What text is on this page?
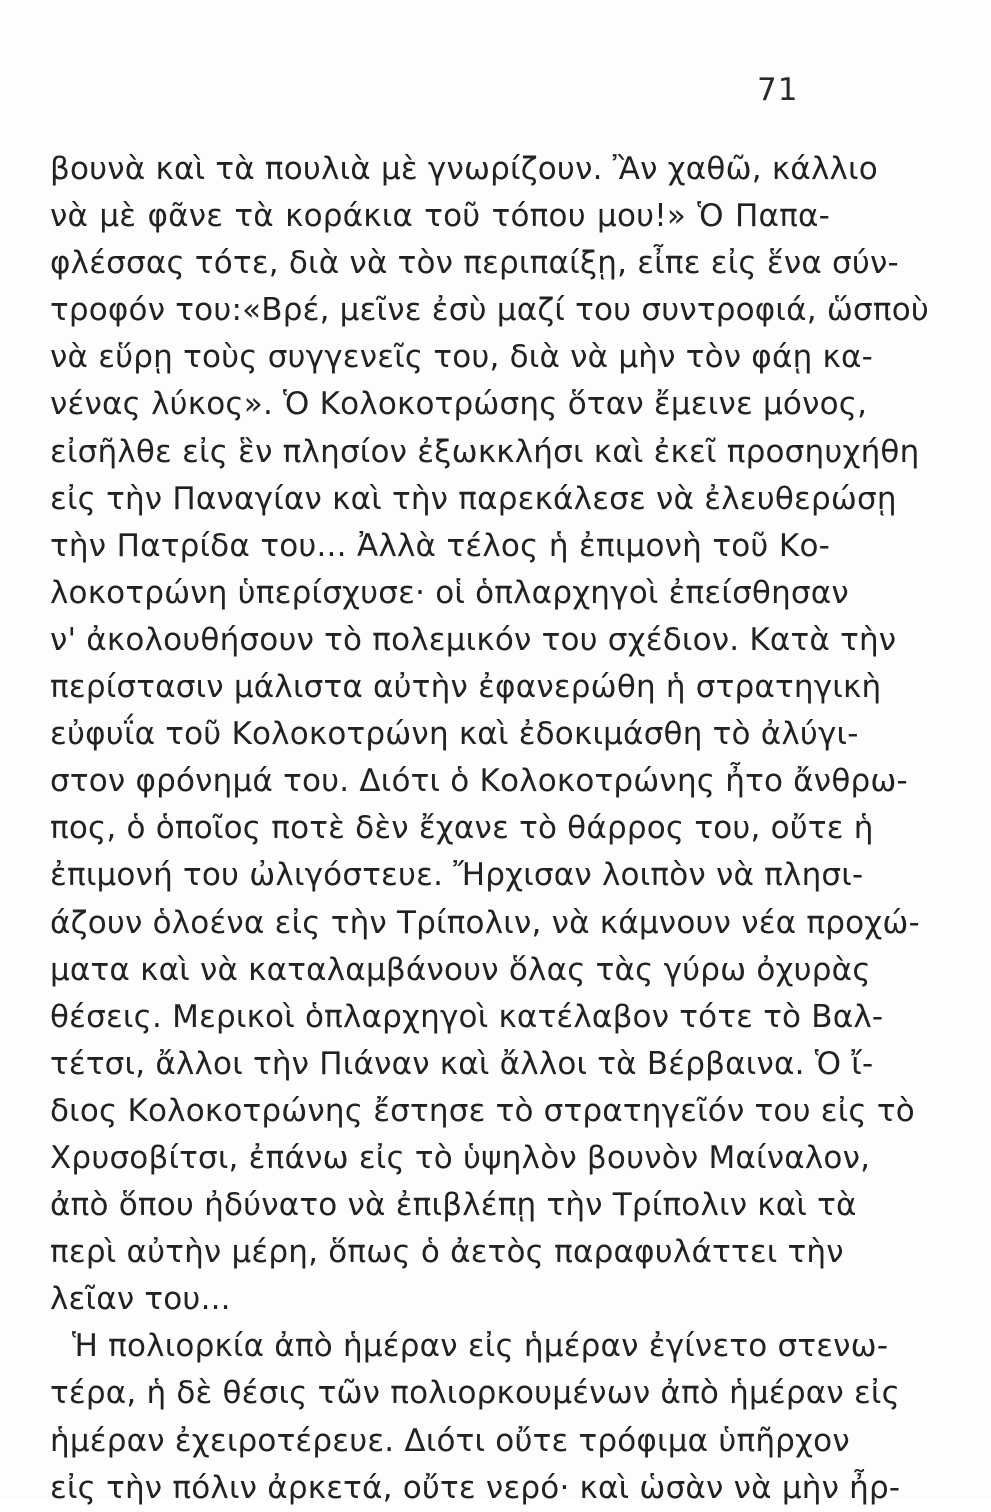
71
βουνὰ καὶ τὰ πουλιὰ μὲ γνωρίζουν. Ἂν χαθῶ, κάλλιο
νὰ μὲ φᾶνε τὰ κοράκια τοῦ τόπου μου!» Ὁ Παπα-
φλέσσας τότε, διὰ νὰ τὸν περιπαίξῃ, εἶπε εἰς ἕνα σύν-
τροφόν του:«Βρέ, μεῖνε ἐσὺ μαζί του συντροφιά, ὥσποὺ
νὰ εὕρῃ τοὺς συγγενεῖς του, διὰ νὰ μὴν τὸν φάῃ κα-
νένας λύκος». Ὁ Κολοκοτρώσης ὅταν ἔμεινε μόνος,
εἰσῆλθε εἰς ἓν πλησίον ἐξωκκλήσι καὶ ἐκεῖ προσηυχήθη
εἰς τὴν Παναγίαν καὶ τὴν παρεκάλεσε νὰ ἐλευθερώσῃ
τὴν Πατρίδα του... Ἀλλὰ τέλος ἡ ἐπιμονὴ τοῦ Κο-
λοκοτρώνη ὑπερίσχυσε· οἱ ὁπλαρχηγοὶ ἐπείσθησαν
ν' ἀκολουθήσουν τὸ πολεμικόν του σχέδιον. Κατὰ τὴν
περίστασιν μάλιστα αὐτὴν ἐφανερώθη ἡ στρατηγικὴ
εὐφυΐα τοῦ Κολοκοτρώνη καὶ ἐδοκιμάσθη τὸ ἀλύγι-
στον φρόνημά του. Διότι ὁ Κολοκοτρώνης ἦτο ἄνθρω-
πος, ὁ ὁποῖος ποτὲ δὲν ἔχανε τὸ θάρρος του, οὔτε ἡ
ἐπιμονή του ὠλιγόστευε. Ἤρχισαν λοιπὸν νὰ πλησι-
άζουν ὁλοένα εἰς τὴν Τρίπολιν, νὰ κάμνουν νέα προχώ-
ματα καὶ νὰ καταλαμβάνουν ὅλας τὰς γύρω ὀχυρὰς
θέσεις. Μερικοὶ ὁπλαρχηγοὶ κατέλαβον τότε τὸ Βαλ-
τέτσι, ἄλλοι τὴν Πιάναν καὶ ἄλλοι τὰ Βέρβαινα. Ὁ ἴ-
διος Κολοκοτρώνης ἔστησε τὸ στρατηγεῖόν του εἰς τὸ
Χρυσοβίτσι, ἐπάνω εἰς τὸ ὑψηλὸν βουνὸν Μαίναλον,
ἀπὸ ὅπου ἠδύνατο νὰ ἐπιβλέπῃ τὴν Τρίπολιν καὶ τὰ
περὶ αὐτὴν μέρη, ὅπως ὁ ἀετὸς παραφυλάττει τὴν
λεῖαν του...
Ἡ πολιορκία ἀπὸ ἡμέραν εἰς ἡμέραν ἐγίνετο στενω-
τέρα, ἡ δὲ θέσις τῶν πολιορκουμένων ἀπὸ ἡμέραν εἰς
ἡμέραν ἐχειροτέρευε. Διότι οὔτε τρόφιμα ὑπῆρχον
εἰς τὴν πόλιν ἀρκετά, οὔτε νερό· καὶ ὡσὰν νὰ μὴν ἦρ-
